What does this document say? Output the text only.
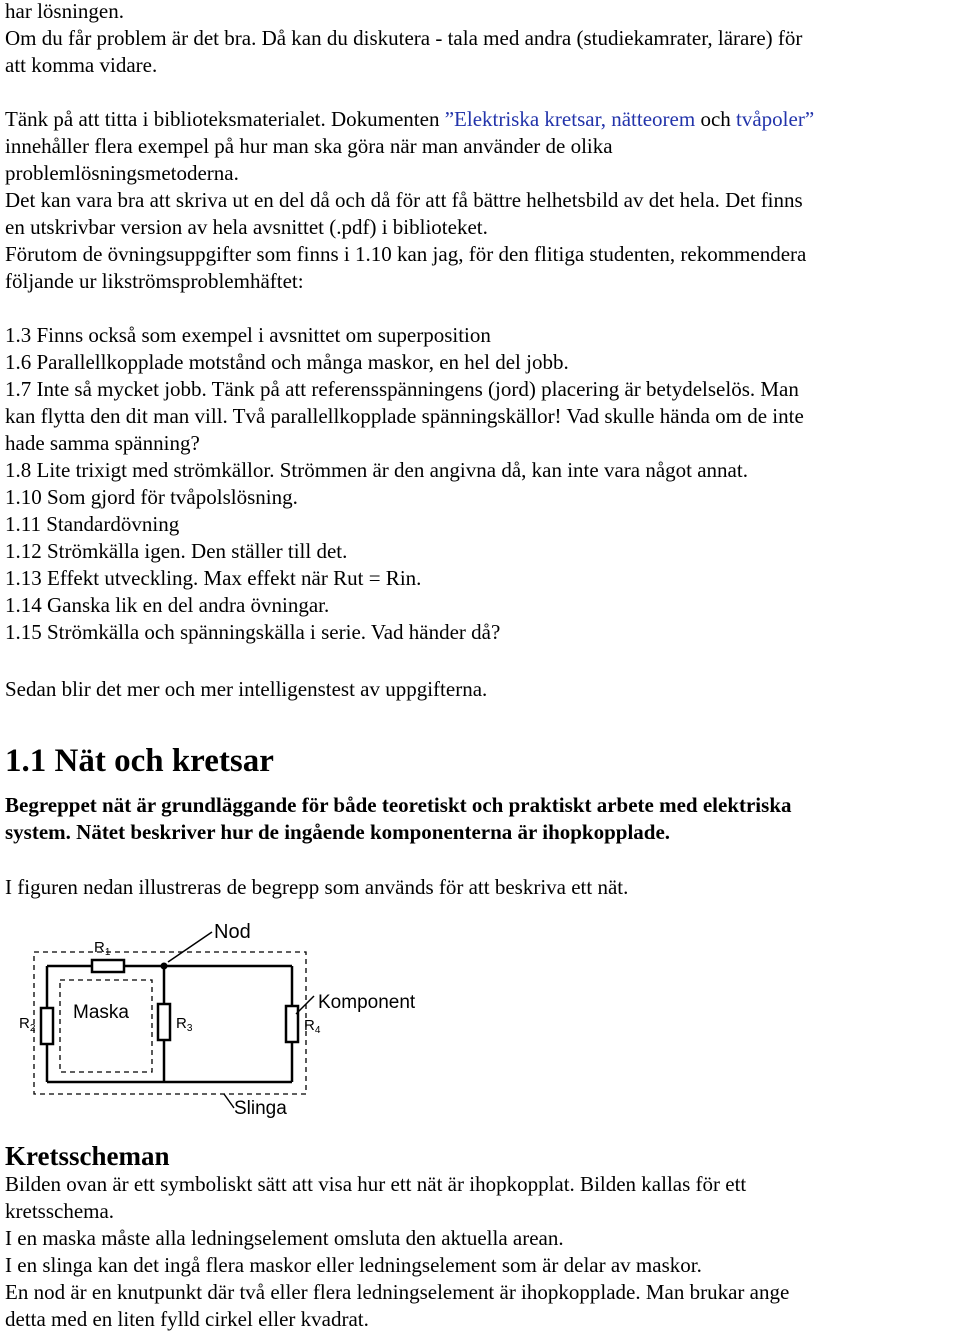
har lösningen.

Om du får problem är det bra. Då kan du diskutera - tala med andra (studiekamrater, lärare) för

att komma vidare.

Tänk på att titta i biblioteksmaterialet. Dokumenten ”Elektriska kretsar, nätteorem och tvåpoler”

innehåller flera exempel på hur man ska göra när man använder de olika

problemlösningsmetoderna.

Det kan vara bra att skriva ut en del då och då för att få bättre helhetsbild av det hela. Det finns

en utskrivbar version av hela avsnittet (.pdf) i biblioteket.

Förutom de övningsuppgifter som finns i 1.10 kan jag, för den flitiga studenten, rekommendera

följande ur likströmsproblemhäftet:

1.3 Finns också som exempel i avsnittet om superposition

1.6 Parallellkopplade motstånd och många maskor, en hel del jobb.

1.7 Inte så mycket jobb. Tänk på att referensspänningens (jord) placering är betydelselös. Man

kan flytta den dit man vill. Två parallellkopplade spänningskällor! Vad skulle hända om de inte

hade samma spänning?

1.8 Lite trixigt med strömkällor. Strömmen är den angivna då, kan inte vara något annat.

1.10 Som gjord för tvåpolslösning.

1.11 Standardövning

1.12 Strömkälla igen. Den ställer till det.

1.13 Effekt utveckling. Max effekt när Rut = Rin.

1.14 Ganska lik en del andra övningar.

1.15 Strömkälla och spänningskälla i serie. Vad händer då?

Sedan blir det mer och mer intelligenstest av uppgifterna.

1.1 Nät och kretsar

Begreppet nät är grundläggande för både teoretiskt och praktiskt arbete med elektriska

system. Nätet beskriver hur de ingående komponenterna är ihopkopplade.

I figuren nedan illustreras de begrepp som används för att beskriva ett nät.

$R_1$
$R_2$	$R_3$	$R_4$
Nod
Maska	Komponent
Slinga
Kretsscheman

Bilden ovan är ett symboliskt sätt att visa hur ett nät är ihopkopplat. Bilden kallas för ett

kretsschema.

I en maska måste alla ledningselement omsluta den aktuella arean.

I en slinga kan det ingå flera maskor eller ledningselement som är delar av maskor.

En nod är en knutpunkt där två eller flera ledningselement är ihopkopplade. Man brukar ange

detta med en liten fylld cirkel eller kvadrat.
